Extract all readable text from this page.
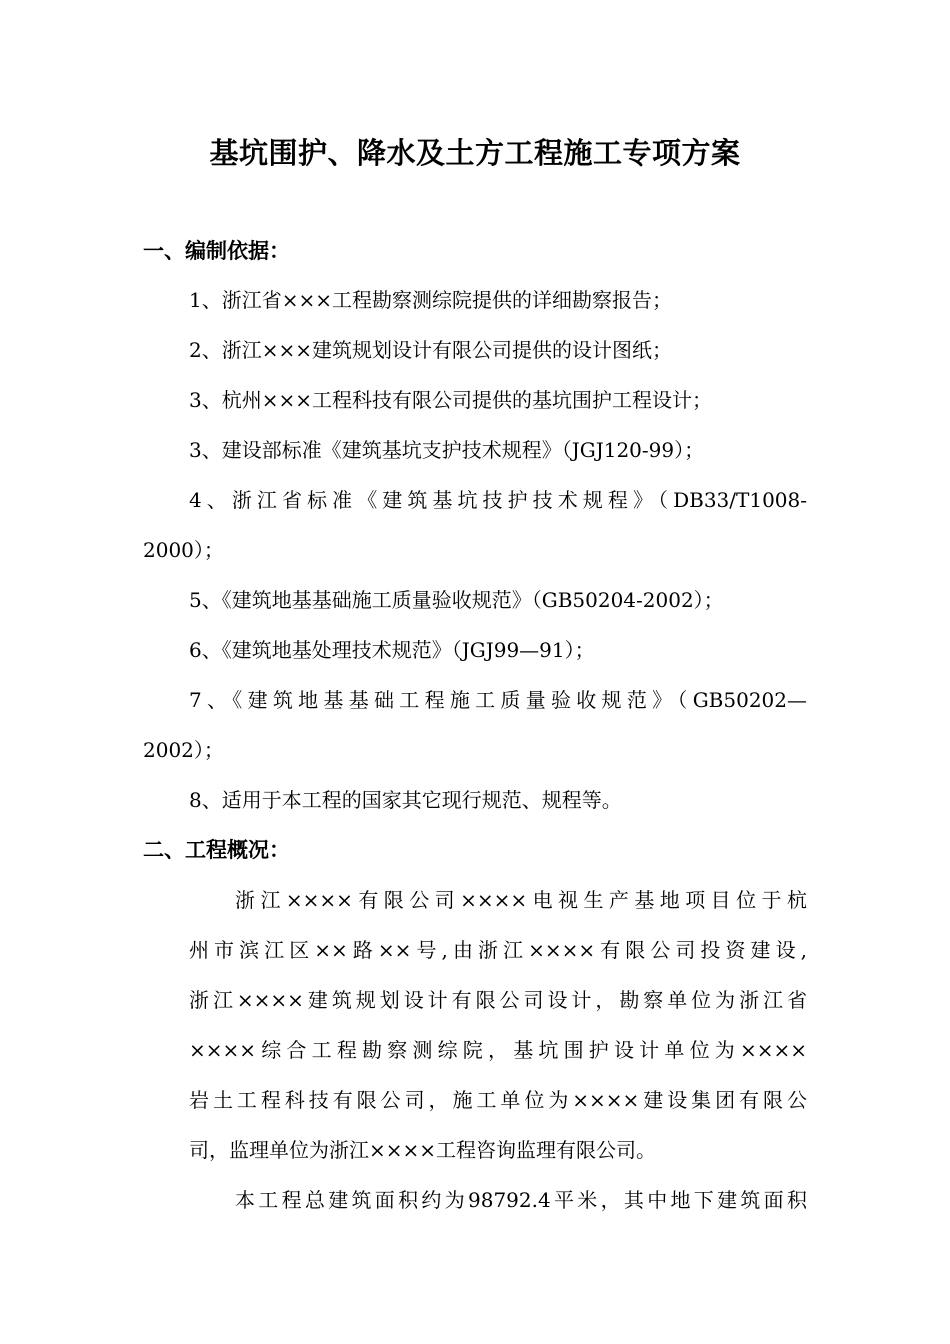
基坑围护、降水及土方工程施工专项方案
一、编制依据：
1、浙江省×××工程勘察测综院提供的详细勘察报告；
2、浙江×××建筑规划设计有限公司提供的设计图纸；
3、杭州×××工程科技有限公司提供的基坑围护工程设计；
3、建设部标准《建筑基坑支护技术规程》（JGJ120-99）；
4、浙江省标准《建筑基坑技护技术规程》（DB33/T1008-
2000）；
5、《建筑地基基础施工质量验收规范》（GB50204-2002）；
6、《建筑地基处理技术规范》（JGJ99—91）；
7、《建筑地基基础工程施工质量验收规范》（GB50202—
2002）；
8、适用于本工程的国家其它现行规范、规程等。
二、工程概况：
浙江××××有限公司××××电视生产基地项目位于杭
州市滨江区××路××号,由浙江××××有限公司投资建设,
浙江××××建筑规划设计有限公司设计，勘察单位为浙江省
××××综合工程勘察测综院，基坑围护设计单位为××××
岩土工程科技有限公司，施工单位为××××建设集团有限公
司，监理单位为浙江××××工程咨询监理有限公司。
本工程总建筑面积约为98792.4平米，其中地下建筑面积
